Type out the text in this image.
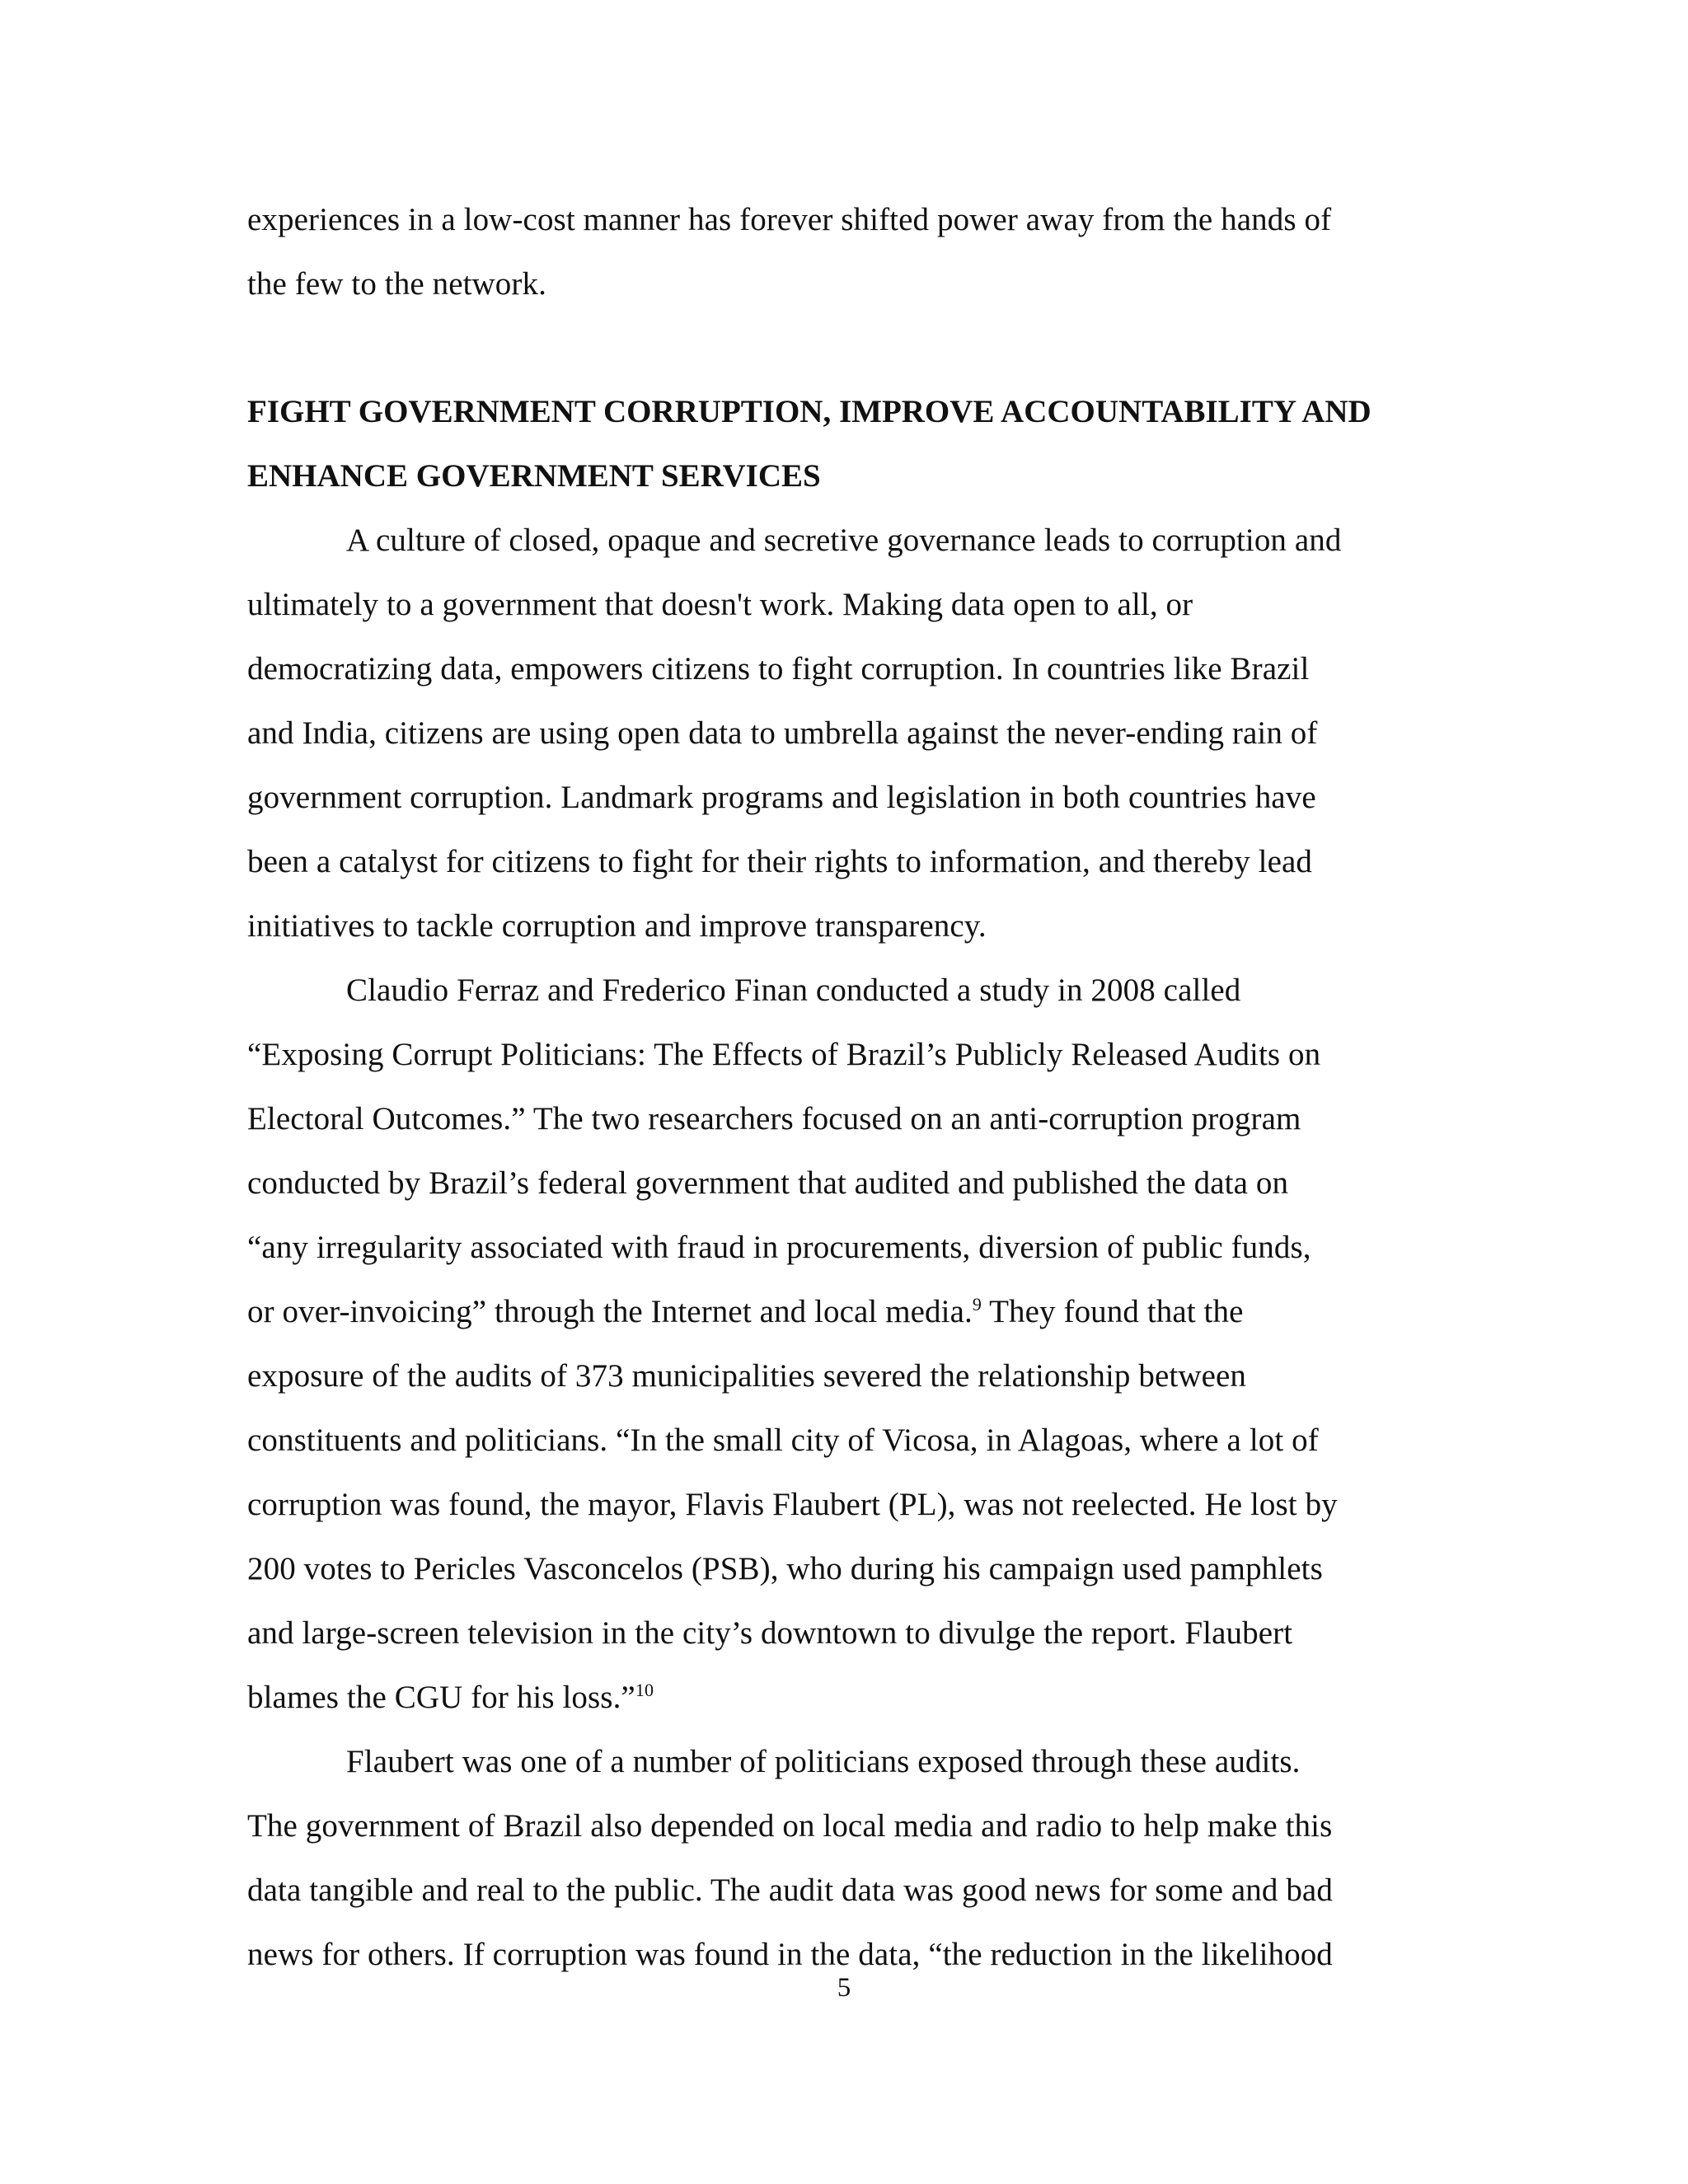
experiences in a low-cost manner has forever shifted power away from the hands of
the few to the network.
FIGHT GOVERNMENT CORRUPTION, IMPROVE ACCOUNTABILITY AND
ENHANCE GOVERNMENT SERVICES
A culture of closed, opaque and secretive governance leads to corruption and
ultimately to a government that doesn't work. Making data open to all, or
democratizing data, empowers citizens to fight corruption. In countries like Brazil
and India, citizens are using open data to umbrella against the never-ending rain of
government corruption. Landmark programs and legislation in both countries have
been a catalyst for citizens to fight for their rights to information, and thereby lead
initiatives to tackle corruption and improve transparency.
Claudio Ferraz and Frederico Finan conducted a study in 2008 called
“Exposing Corrupt Politicians: The Effects of Brazil’s Publicly Released Audits on
Electoral Outcomes.” The two researchers focused on an anti-corruption program
conducted by Brazil’s federal government that audited and published the data on
“any irregularity associated with fraud in procurements, diversion of public funds,
or over-invoicing” through the Internet and local media.$^9$ They found that the
exposure of the audits of 373 municipalities severed the relationship between
constituents and politicians. “In the small city of Vicosa, in Alagoas, where a lot of
corruption was found, the mayor, Flavis Flaubert (PL), was not reelected. He lost by
200 votes to Pericles Vasconcelos (PSB), who during his campaign used pamphlets
and large-screen television in the city’s downtown to divulge the report. Flaubert
blames the CGU for his loss.”$^{10}$
Flaubert was one of a number of politicians exposed through these audits.
The government of Brazil also depended on local media and radio to help make this
data tangible and real to the public. The audit data was good news for some and bad
news for others. If corruption was found in the data, “the reduction in the likelihood
5
